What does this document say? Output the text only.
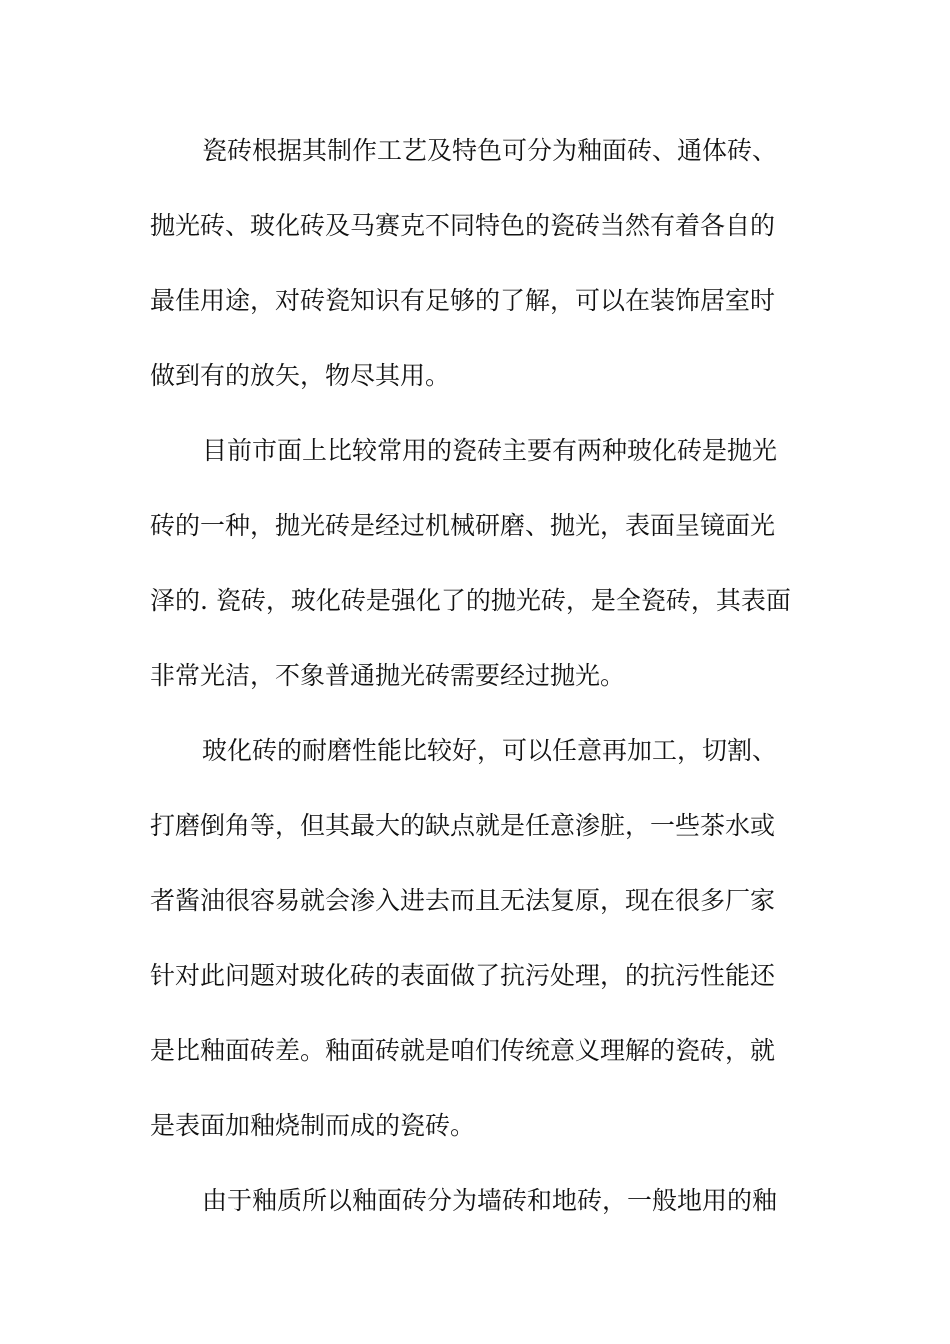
瓷砖根据其制作工艺及特色可分为釉面砖、通体砖、
抛光砖、玻化砖及马赛克不同特色的瓷砖当然有着各自的
最佳用途，对砖瓷知识有足够的了解，可以在装饰居室时
做到有的放矢，物尽其用。
目前市面上比较常用的瓷砖主要有两种玻化砖是抛光
砖的一种，抛光砖是经过机械研磨、抛光，表面呈镜面光
泽的. 瓷砖，玻化砖是强化了的抛光砖，是全瓷砖，其表面
非常光洁，不象普通抛光砖需要经过抛光。
玻化砖的耐磨性能比较好，可以任意再加工，切割、
打磨倒角等，但其最大的缺点就是任意渗脏，一些茶水或
者酱油很容易就会渗入进去而且无法复原，现在很多厂家
针对此问题对玻化砖的表面做了抗污处理，的抗污性能还
是比釉面砖差。釉面砖就是咱们传统意义理解的瓷砖，就
是表面加釉烧制而成的瓷砖。
由于釉质所以釉面砖分为墙砖和地砖，一般地用的釉
